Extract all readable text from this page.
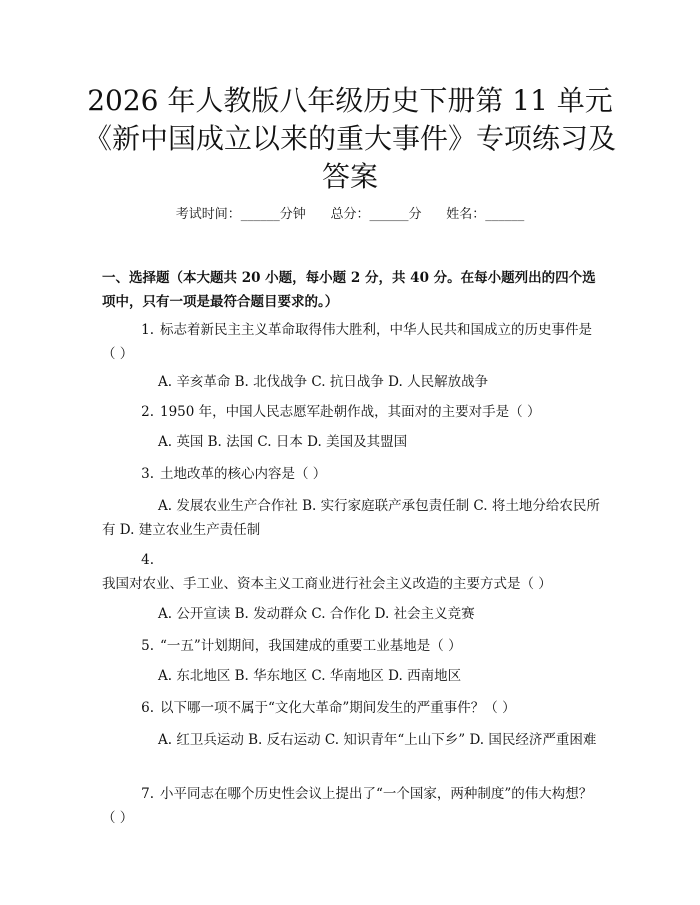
2026 年人教版八年级历史下册第 11 单元
《新中国成立以来的重大事件》专项练习及
答案
考试时间：______分钟      总分：______分      姓名：______
一、选择题（本大题共 20 小题，每小题 2 分，共 40 分。在每小题列出的四个选项中，只有一项是最符合题目要求的。）
1. 标志着新民主主义革命取得伟大胜利，中华人民共和国成立的历史事件是（ ）
A. 辛亥革命 B. 北伐战争 C. 抗日战争 D. 人民解放战争
2. 1950 年，中国人民志愿军赴朝作战，其面对的主要对手是（ ）
A. 英国 B. 法国 C. 日本 D. 美国及其盟国
3. 土地改革的核心内容是（ ）
A. 发展农业生产合作社 B. 实行家庭联产承包责任制 C. 将土地分给农民所有 D. 建立农业生产责任制
4.我国对农业、手工业、资本主义工商业进行社会主义改造的主要方式是（ ）
A. 公开宣读 B. 发动群众 C. 合作化 D. 社会主义竞赛
5. “一五”计划期间，我国建成的重要工业基地是（ ）
A. 东北地区 B. 华东地区 C. 华南地区 D. 西南地区
6. 以下哪一项不属于“文化大革命”期间发生的严重事件？（ ）
A. 红卫兵运动 B. 反右运动 C. 知识青年“上山下乡” D. 国民经济严重困难
7. 小平同志在哪个历史性会议上提出了“一个国家，两种制度”的伟大构想？（ ）
